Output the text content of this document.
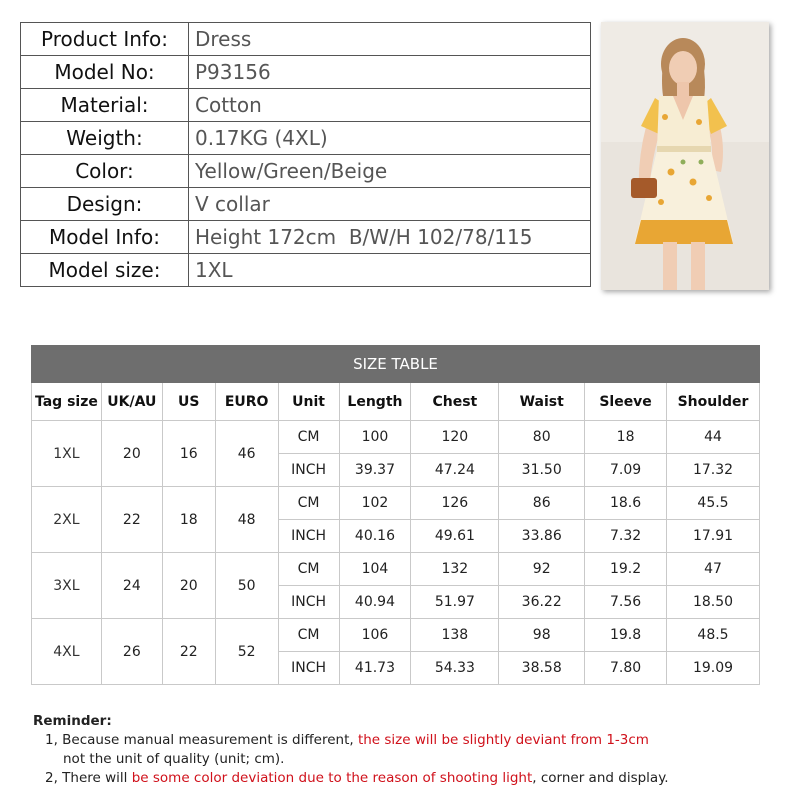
Product Info:	Dress
Model No:	P93156
Material:	Cotton
Weigth:	0.17KG (4XL)
Color:	Yellow/Green/Beige
Design:	V collar
Model Info:	Height 172cm  B/W/H 102/78/115
Model size:	1XL
SIZE TABLE									
Tag size	UK/AU	US	EURO	Unit	Length	Chest	Waist	Sleeve	Shoulder
1XL	20	16	46	CM	100	120	80	18	44
				INCH	39.37	47.24	31.50	7.09	17.32
2XL	22	18	48	CM	102	126	86	18.6	45.5
				INCH	40.16	49.61	33.86	7.32	17.91
3XL	24	20	50	CM	104	132	92	19.2	47
				INCH	40.94	51.97	36.22	7.56	18.50
4XL	26	22	52	CM	106	138	98	19.8	48.5
				INCH	41.73	54.33	38.58	7.80	19.09
Reminder:
1, Because manual measurement is different, the size will be slightly deviant from 1-3cm
not the unit of quality (unit; cm).
2, There will be some color deviation due to the reason of shooting light, corner and display.
